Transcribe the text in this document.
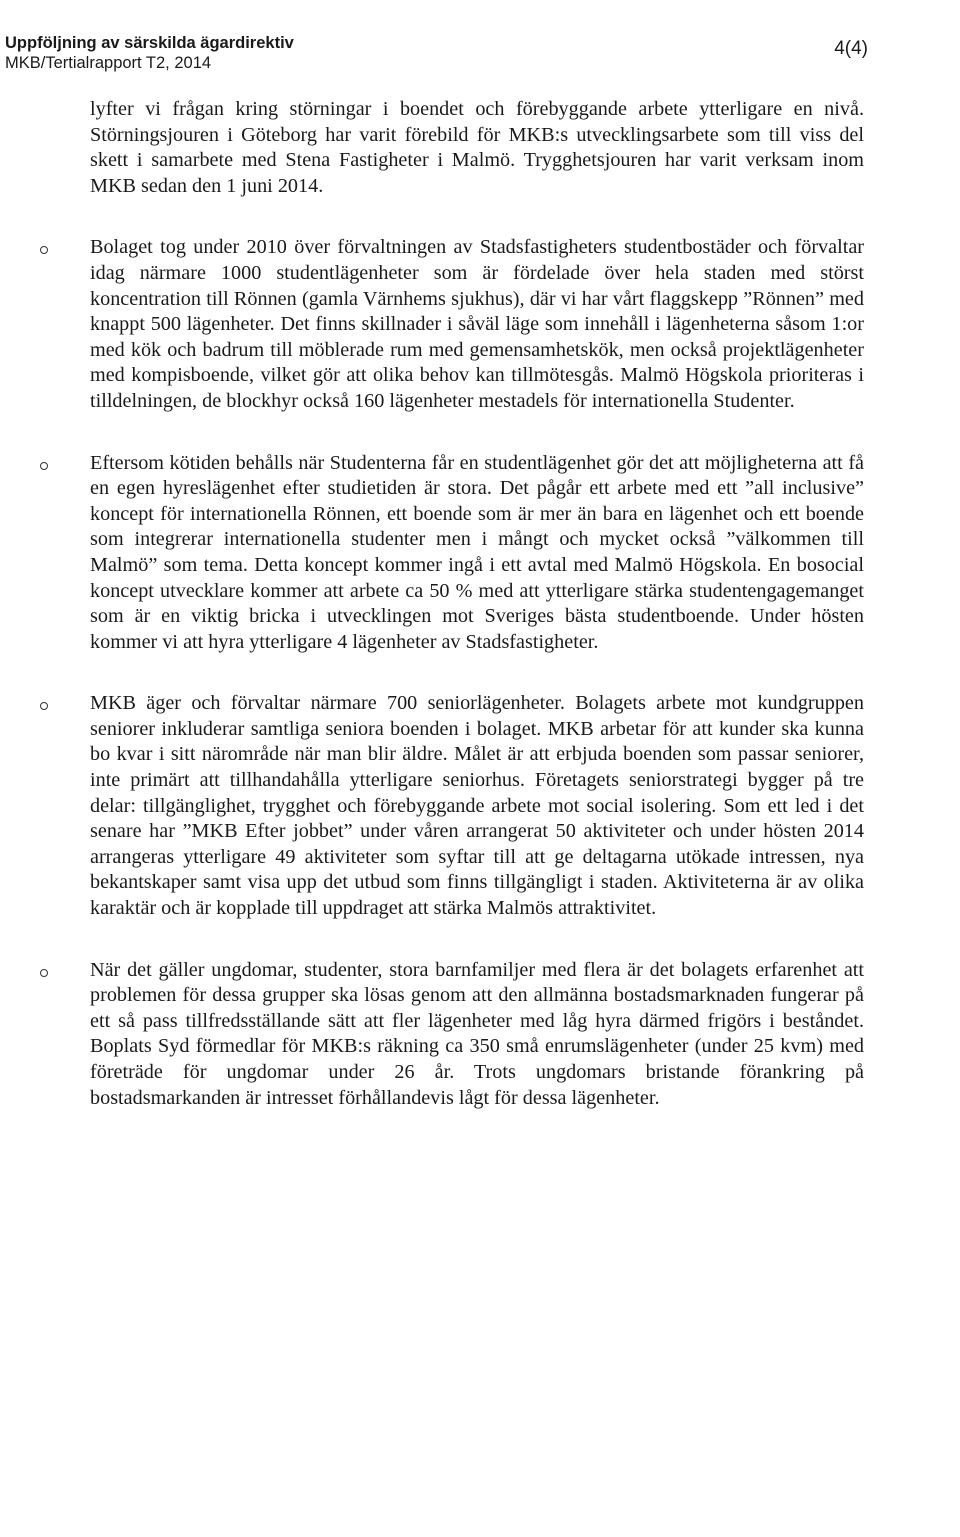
Uppföljning av särskilda ägardirektiv
MKB/Tertialrapport T2, 2014
4(4)

lyfter vi frågan kring störningar i boendet och förebyggande arbete ytterligare en nivå. Störningsjouren i Göteborg har varit förebild för MKB:s utvecklingsarbete som till viss del skett i samarbete med Stena Fastigheter i Malmö. Trygghetsjouren har varit verksam inom MKB sedan den 1 juni 2014.

Bolaget tog under 2010 över förvaltningen av Stadsfastigheters studentbostäder och förvaltar idag närmare 1000 studentlägenheter som är fördelade över hela staden med störst koncentration till Rönnen (gamla Värnhems sjukhus), där vi har vårt flaggskepp ”Rönnen” med knappt 500 lägenheter. Det finns skillnader i såväl läge som innehåll i lägenheterna såsom 1:or med kök och badrum till möblerade rum med gemensamhetskök, men också projektlägenheter med kompisboende, vilket gör att olika behov kan tillmötesgås. Malmö Högskola prioriteras i tilldelningen, de blockhyr också 160 lägenheter mestadels för internationella Studenter.

Eftersom kötiden behålls när Studenterna får en studentlägenhet gör det att möjligheterna att få en egen hyreslägenhet efter studietiden är stora. Det pågår ett arbete med ett ”all inclusive” koncept för internationella Rönnen, ett boende som är mer än bara en lägenhet och ett boende som integrerar internationella studenter men i mångt och mycket också ”välkommen till Malmö” som tema. Detta koncept kommer ingå i ett avtal med Malmö Högskola. En bosocial koncept utvecklare kommer att arbete ca 50 % med att ytterligare stärka studentengagemanget som är en viktig bricka i utvecklingen mot Sveriges bästa studentboende. Under hösten kommer vi att hyra ytterligare 4 lägenheter av Stadsfastigheter.

MKB äger och förvaltar närmare 700 seniorlägenheter. Bolagets arbete mot kundgruppen seniorer inkluderar samtliga seniora boenden i bolaget. MKB arbetar för att kunder ska kunna bo kvar i sitt närområde när man blir äldre. Målet är att erbjuda boenden som passar seniorer, inte primärt att tillhandahålla ytterligare seniorhus. Företagets seniorstrategi bygger på tre delar: tillgänglighet, trygghet och förebyggande arbete mot social isolering. Som ett led i det senare har ”MKB Efter jobbet” under våren arrangerat 50 aktiviteter och under hösten 2014 arrangeras ytterligare 49 aktiviteter som syftar till att ge deltagarna utökade intressen, nya bekantskaper samt visa upp det utbud som finns tillgängligt i staden. Aktiviteterna är av olika karaktär och är kopplade till uppdraget att stärka Malmös attraktivitet.

När det gäller ungdomar, studenter, stora barnfamiljer med flera är det bolagets erfarenhet att problemen för dessa grupper ska lösas genom att den allmänna bostadsmarknaden fungerar på ett så pass tillfredsställande sätt att fler lägenheter med låg hyra därmed frigörs i beståndet. Boplats Syd förmedlar för MKB:s räkning ca 350 små enrumslägenheter (under 25 kvm) med företräde för ungdomar under 26 år. Trots ungdomars bristande förankring på bostadsmarkanden är intresset förhållandevis lågt för dessa lägenheter.
